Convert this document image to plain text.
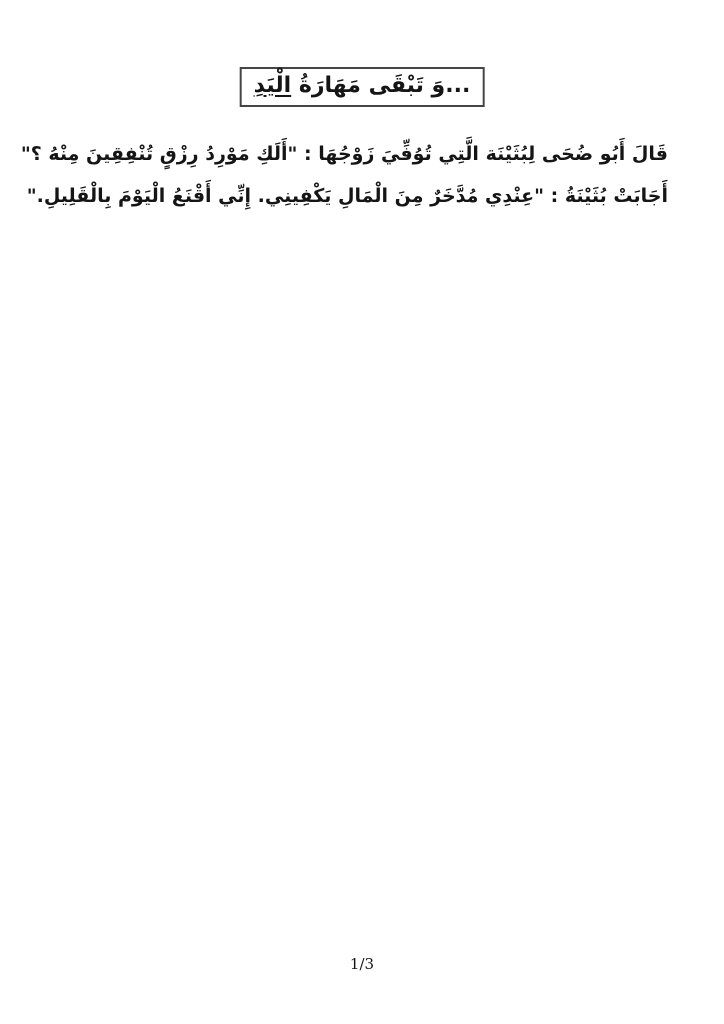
...وَ تَبْقَى مَهَارَةُ الْيَدِ
قَالَ أَبُو ضُحَى لِبُثَيْنَة الَّتِي تُوُفِّيَ زَوْجُهَا : "أَلَكِ مَوْرِدُ رِزْقٍ تُنْفِقِينَ مِنْهُ ؟"
أَجَابَتْ بُثَيْنَةُ : "عِنْدِي مُدَّخَرٌ مِنَ الْمَالِ يَكْفِينِي. إِنِّي أَقْنَعُ الْيَوْمَ بِالْقَلِيلِ."
1/3
